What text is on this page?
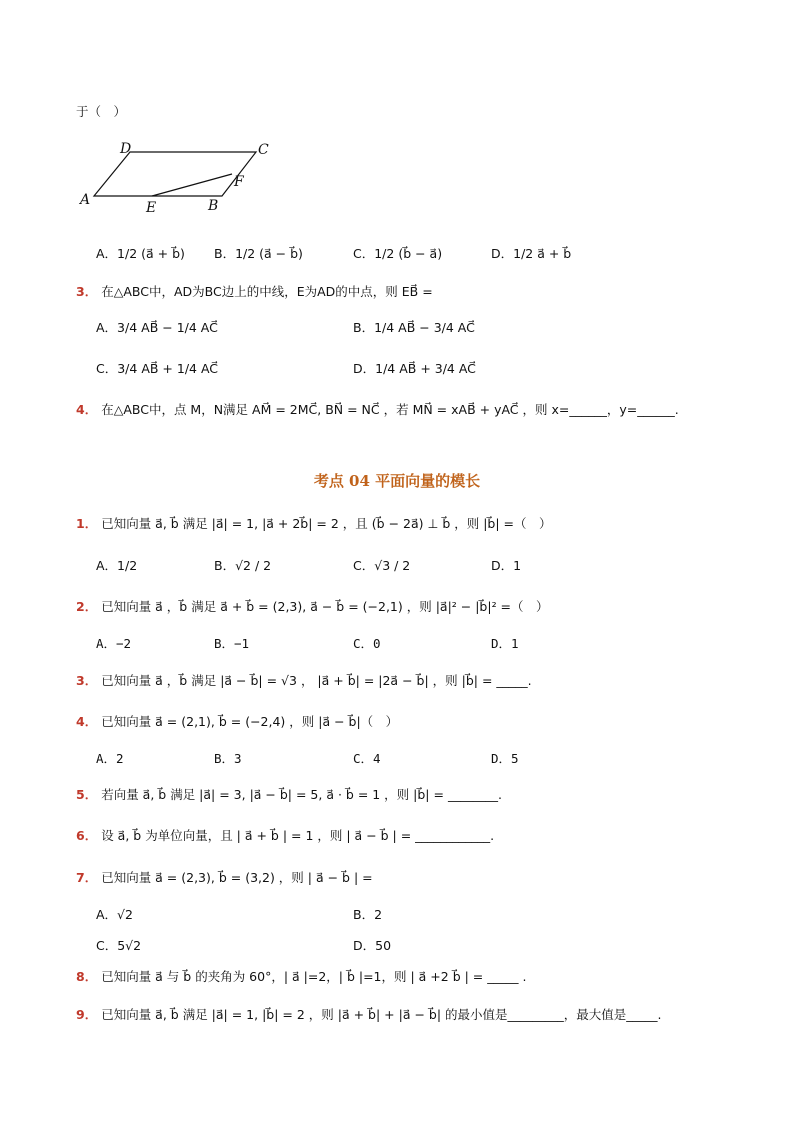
于（　）
D	C
F
A	E	B
A．1/2 (a⃗ + b⃗) B．1/2 (a⃗ − b⃗)	C．1/2 (b⃗ − a⃗)	D．1/2 a⃗ + b⃗
3． 在△ABC中，AD为BC边上的中线，E为AD的中点，则 EB⃗ =
A．3/4 AB⃗ − 1/4 AC⃗	B．1/4 AB⃗ − 3/4 AC⃗
C．3/4 AB⃗ + 1/4 AC⃗	D．1/4 AB⃗ + 3/4 AC⃗
4． 在△ABC中，点 M，N满足 AM⃗ = 2MC⃗, BN⃗ = NC⃗ ，若 MN⃗ = xAB⃗ + yAC⃗ ，则 x=______，y=______.
考点 04 平面向量的模长
1． 已知向量 a⃗, b⃗ 满足 |a⃗| = 1, |a⃗ + 2b⃗| = 2 ，且 (b⃗ − 2a⃗) ⊥ b⃗ ，则 |b⃗| =（　）
A．1/2	B．√2 / 2	C．√3 / 2	D．1
2． 已知向量 a⃗ ，b⃗ 满足 a⃗ + b⃗ = (2,3), a⃗ − b⃗ = (−2,1) ，则 |a⃗|² − |b⃗|² =（　）
A．−2	B．−1	C．0	D．1
3． 已知向量 a⃗ ，b⃗ 满足 |a⃗ − b⃗| = √3 ， |a⃗ + b⃗| = |2a⃗ − b⃗| ，则 |b⃗| = _____.
4． 已知向量 a⃗ = (2,1), b⃗ = (−2,4) ，则 |a⃗ − b⃗|（　）
A．2	B．3	C．4	D．5
5． 若向量 a⃗, b⃗ 满足 |a⃗| = 3, |a⃗ − b⃗| = 5, a⃗ · b⃗ = 1 ，则 |b⃗| = ________.
6． 设 a⃗, b⃗ 为单位向量，且 | a⃗ + b⃗ | = 1 ，则 | a⃗ − b⃗ | = ____________.
7． 已知向量 a⃗ = (2,3), b⃗ = (3,2) ，则 | a⃗ − b⃗ | =
A．√2	B．2
C．5√2	D．50
8． 已知向量 a⃗ 与 b⃗ 的夹角为 60°，| a⃗ |=2，| b⃗ |=1，则 | a⃗ +2 b⃗ | = _____ .
9． 已知向量 a⃗, b⃗ 满足 |a⃗| = 1, |b⃗| = 2 ，则 |a⃗ + b⃗| + |a⃗ − b⃗| 的最小值是_________，最大值是_____.
